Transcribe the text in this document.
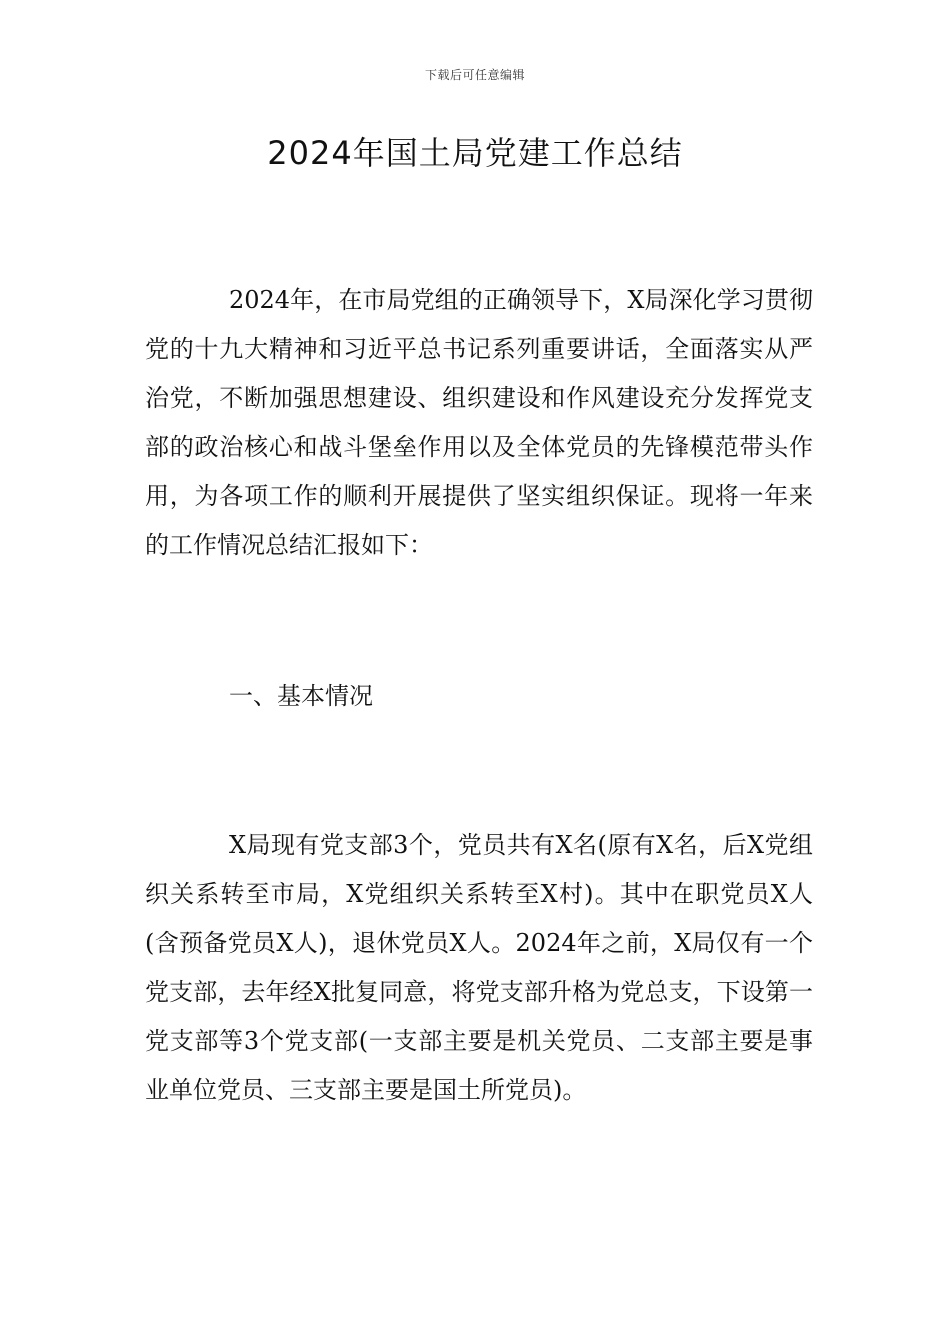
下载后可任意编辑
2024年国土局党建工作总结

2024年，在市局党组的正确领导下，X局深化学习贯彻党的十九大精神和习近平总书记系列重要讲话，全面落实从严治党，不断加强思想建设、组织建设和作风建设充分发挥党支部的政治核心和战斗堡垒作用以及全体党员的先锋模范带头作用，为各项工作的顺利开展提供了坚实组织保证。现将一年来的工作情况总结汇报如下：

一、基本情况

X局现有党支部3个，党员共有X名(原有X名，后X党组织关系转至市局，X党组织关系转至X村)。其中在职党员X人(含预备党员X人)，退休党员X人。2024年之前，X局仅有一个党支部，去年经X批复同意，将党支部升格为党总支，下设第一党支部等3个党支部(一支部主要是机关党员、二支部主要是事业单位党员、三支部主要是国土所党员)。
